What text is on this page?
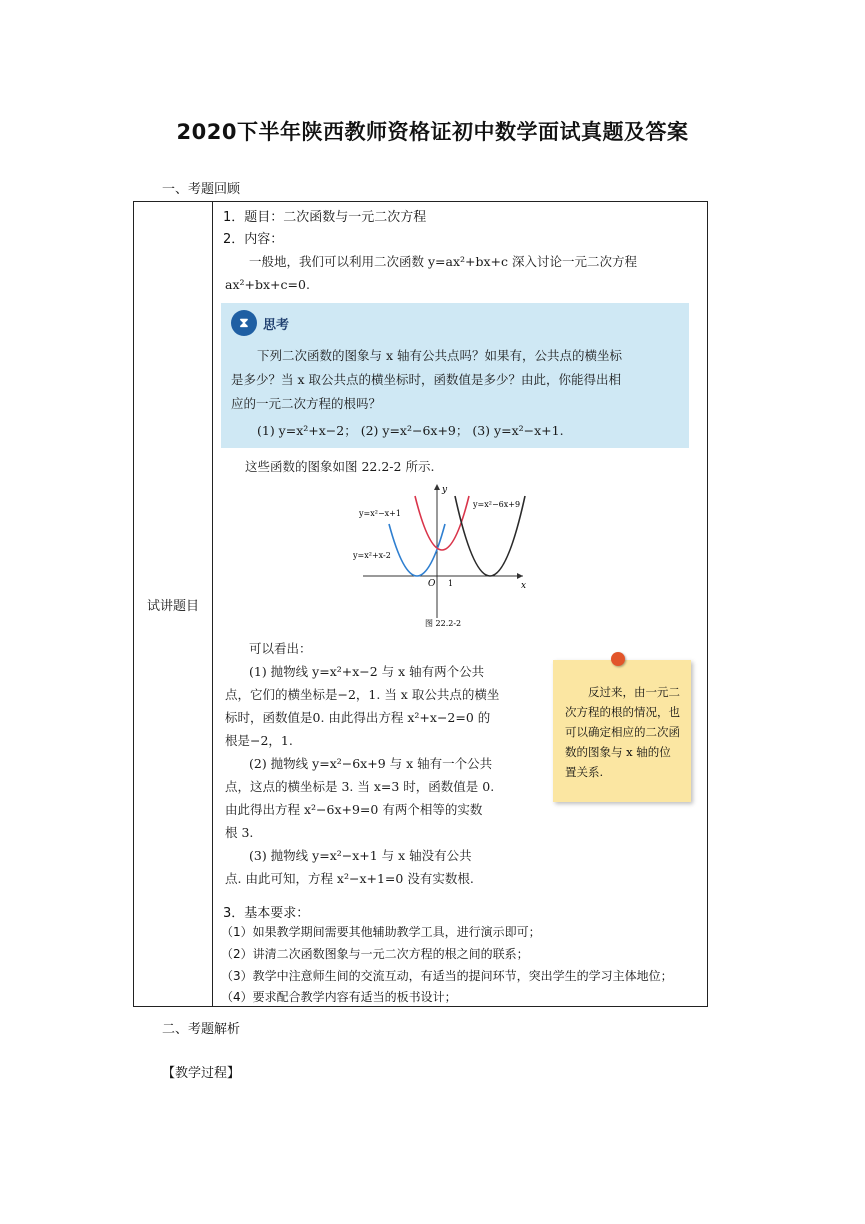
2020下半年陕西教师资格证初中数学面试真题及答案
一、考题回顾
试讲题目	
1．题目：二次函数与一元二次方程
2．内容：
一般地，我们可以利用二次函数 y=ax²+bx+c 深入讨论一元二次方程
ax²+bx+c=0.
⧗	思考
下列二次函数的图象与 x 轴有公共点吗？如果有，公共点的横坐标
是多少？当 x 取公共点的横坐标时，函数值是多少？由此，你能得出相
应的一元二次方程的根吗？
(1) y=x²+x−2； (2) y=x²−6x+9； (3) y=x²−x+1.
这些函数的图象如图 22.2-2 所示.
y=x²−x+1
y=x²+x-2
y=x²−6x+9
y
x
O 1
图 22.2-2
可以看出：
(1) 抛物线 y=x²+x−2 与 x 轴有两个公共
点，它们的横坐标是−2，1. 当 x 取公共点的横坐
标时，函数值是0. 由此得出方程 x²+x−2=0 的
根是−2，1.
(2) 抛物线 y=x²−6x+9 与 x 轴有一个公共
点，这点的横坐标是 3. 当 x=3 时，函数值是 0.
由此得出方程 x²−6x+9=0 有两个相等的实数
根 3.
(3) 抛物线 y=x²−x+1 与 x 轴没有公共
点. 由此可知，方程 x²−x+1=0 没有实数根.
反过来，由一元二次方程的根的情况，也可以确定相应的二次函数的图象与 x 轴的位置关系.
3．基本要求：
（1）如果教学期间需要其他辅助教学工具，进行演示即可；
（2）讲清二次函数图象与一元二次方程的根之间的联系；
（3）教学中注意师生间的交流互动，有适当的提问环节，突出学生的学习主体地位；
（4）要求配合教学内容有适当的板书设计；
二、考题解析
【教学过程】
